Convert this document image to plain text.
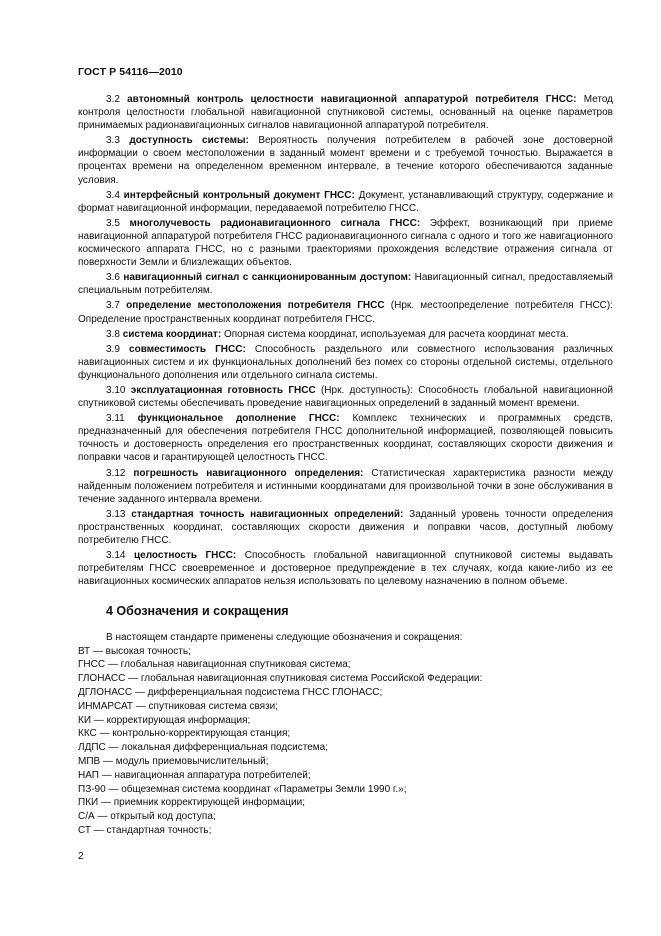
ГОСТ Р 54116—2010

3.2 автономный контроль целостности навигационной аппаратурой потребителя ГНСС: Метод контроля целостности глобальной навигационной спутниковой системы, основанный на оценке параметров принимаемых радионавигационных сигналов навигационной аппаратурой потребителя.

3.3 доступность системы: Вероятность получения потребителем в рабочей зоне достоверной информации о своем местоположении в заданный момент времени и с требуемой точностью. Выражается в процентах времени на определенном временном интервале, в течение которого обеспечиваются заданные условия.

3.4 интерфейсный контрольный документ ГНСС: Документ, устанавливающий структуру, содержание и формат навигационной информации, передаваемой потребителю ГНСС.

3.5 многолучевость радионавигационного сигнала ГНСС: Эффект, возникающий при приеме навигационной аппаратурой потребителя ГНСС радионавигационного сигнала с одного и того же навигационного космического аппарата ГНСС, но с разными траекториями прохождения вследствие отражения сигнала от поверхности Земли и близлежащих объектов.

3.6 навигационный сигнал с санкционированным доступом: Навигационный сигнал, предоставляемый специальным потребителям.

3.7 определение местоположения потребителя ГНСС (Нрк. местоопределение потребителя ГНСС): Определение пространственных координат потребителя ГНСС.

3.8 система координат: Опорная система координат, используемая для расчета координат места.

3.9 совместимость ГНСС: Способность раздельного или совместного использования различных навигационных систем и их функциональных дополнений без помех со стороны отдельной системы, отдельного функционального дополнения или отдельного сигнала системы.

3.10 эксплуатационная готовность ГНСС (Нрк. доступность): Способность глобальной навигационной спутниковой системы обеспечивать проведение навигационных определений в заданный момент времени.

3.11 функциональное дополнение ГНСС: Комплекс технических и программных средств, предназначенный для обеспечения потребителя ГНСС дополнительной информацией, позволяющей повысить точность и достоверность определения его пространственных координат, составляющих скорости движения и поправки часов и гарантирующей целостность ГНСС.

3.12 погрешность навигационного определения: Статистическая характеристика разности между найденным положением потребителя и истинными координатами для произвольной точки в зоне обслуживания в течение заданного интервала времени.

3.13 стандартная точность навигационных определений: Заданный уровень точности определения пространственных координат, составляющих скорости движения и поправки часов, доступный любому потребителю ГНСС.

3.14 целостность ГНСС: Способность глобальной навигационной спутниковой системы выдавать потребителям ГНСС своевременное и достоверное предупреждение в тех случаях, когда какие-либо из ее навигационных космических аппаратов нельзя использовать по целевому назначению в полном объеме.

4 Обозначения и сокращения

В настоящем стандарте применены следующие обозначения и сокращения:

ВТ — высокая точность;

ГНСС — глобальная навигационная спутниковая система;

ГЛОНАСС — глобальная навигационная спутниковая система Российской Федерации:

ДГЛОНАСС — дифференциальная подсистема ГНСС ГЛОНАСС;

ИНМАРСАТ — спутниковая система связи;

КИ — корректирующая информация;

ККС — контрольно-корректирующая станция;

ЛДПС — локальная дифференциальная подсистема;

МПВ — модуль приемовычислительный;

НАП — навигационная аппаратура потребителей;

ПЗ-90 — общеземная система координат «Параметры Земли 1990 г.»;

ПКИ — приемник корректирующей информации;

С/А — открытый код доступа;

СТ — стандартная точность;

2
